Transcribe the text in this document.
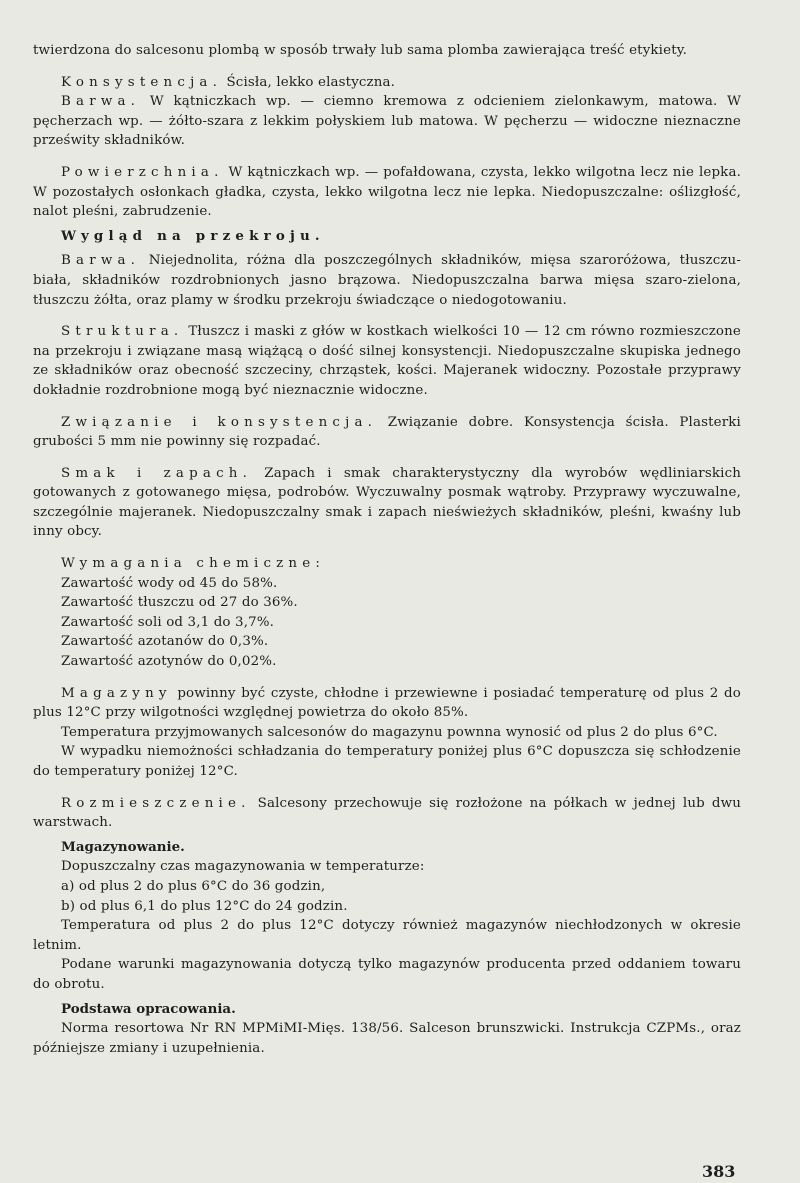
twierdzona do salcesonu plombą w sposób trwały lub sama plomba zawierająca treść etykiety.

Konsystencja. Ścisła, lekko elastyczna.

Barwa. W kątniczkach wp. — ciemno kremowa z odcieniem zielonkawym, matowa. W pęcherzach wp. — żółto-szara z lekkim połyskiem lub matowa. W pęcherzu — widoczne nieznaczne prześwity składników.

Powierzchnia. W kątniczkach wp. — pofałdowana, czysta, lekko wilgotna lecz nie lepka. W pozostałych osłonkach gładka, czysta, lekko wilgotna lecz nie lepka. Niedopuszczalne: oślizgłość, nalot pleśni, zabrudzenie.

Wygląd na przekroju.

Barwa. Niejednolita, różna dla poszczególnych składników, mięsa szaroróżowa, tłuszczu-biała, składników rozdrobnionych jasno brązowa. Niedopuszczalna barwa mięsa szaro-zielona, tłuszczu żółta, oraz plamy w środku przekroju świadczące o niedogotowaniu.

Struktura. Tłuszcz i maski z głów w kostkach wielkości 10 — 12 cm równo rozmieszczone na przekroju i związane masą wiążącą o dość silnej konsystencji. Niedopuszczalne skupiska jednego ze składników oraz obecność szczeciny, chrząstek, kości. Majeranek widoczny. Pozostałe przyprawy dokładnie rozdrobnione mogą być nieznacznie widoczne.

Związanie i konsystencja. Związanie dobre. Konsystencja ścisła. Plasterki grubości 5 mm nie powinny się rozpadać.

Smak i zapach. Zapach i smak charakterystyczny dla wyrobów wędliniarskich gotowanych z gotowanego mięsa, podrobów. Wyczuwalny posmak wątroby. Przyprawy wyczuwalne, szczególnie majeranek. Niedopuszczalny smak i zapach nieświeżych składników, pleśni, kwaśny lub inny obcy.

Wymagania chemiczne:
Zawartość wody od 45 do 58%.
Zawartość tłuszczu od 27 do 36%.
Zawartość soli od 3,1 do 3,7%.
Zawartość azotanów do 0,3%.
Zawartość azotynów do 0,02%.

Magazyny powinny być czyste, chłodne i przewiewne i posiadać temperaturę od plus 2 do plus 12°C przy wilgotności względnej powietrza do około 85%.

Temperatura przyjmowanych salcesonów do magazynu pownna wynosić od plus 2 do plus 6°C.

W wypadku niemożności schładzania do temperatury poniżej plus 6°C dopuszcza się schłodzenie do temperatury poniżej 12°C.

Rozmieszczenie. Salcesony przechowuje się rozłożone na półkach w jednej lub dwu warstwach.

Magazynowanie.

Dopuszczalny czas magazynowania w temperaturze:
a) od plus 2 do plus 6°C do 36 godzin,
b) od plus 6,1 do plus 12°C do 24 godzin.

Temperatura od plus 2 do plus 12°C dotyczy również magazynów niechłodzonych w okresie letnim.

Podane warunki magazynowania dotyczą tylko magazynów producenta przed oddaniem towaru do obrotu.

Podstawa opracowania.

Norma resortowa Nr RN MPMiMI-Mięs. 138/56. Salceson brunszwicki. Instrukcja CZPMs., oraz późniejsze zmiany i uzupełnienia.

383
